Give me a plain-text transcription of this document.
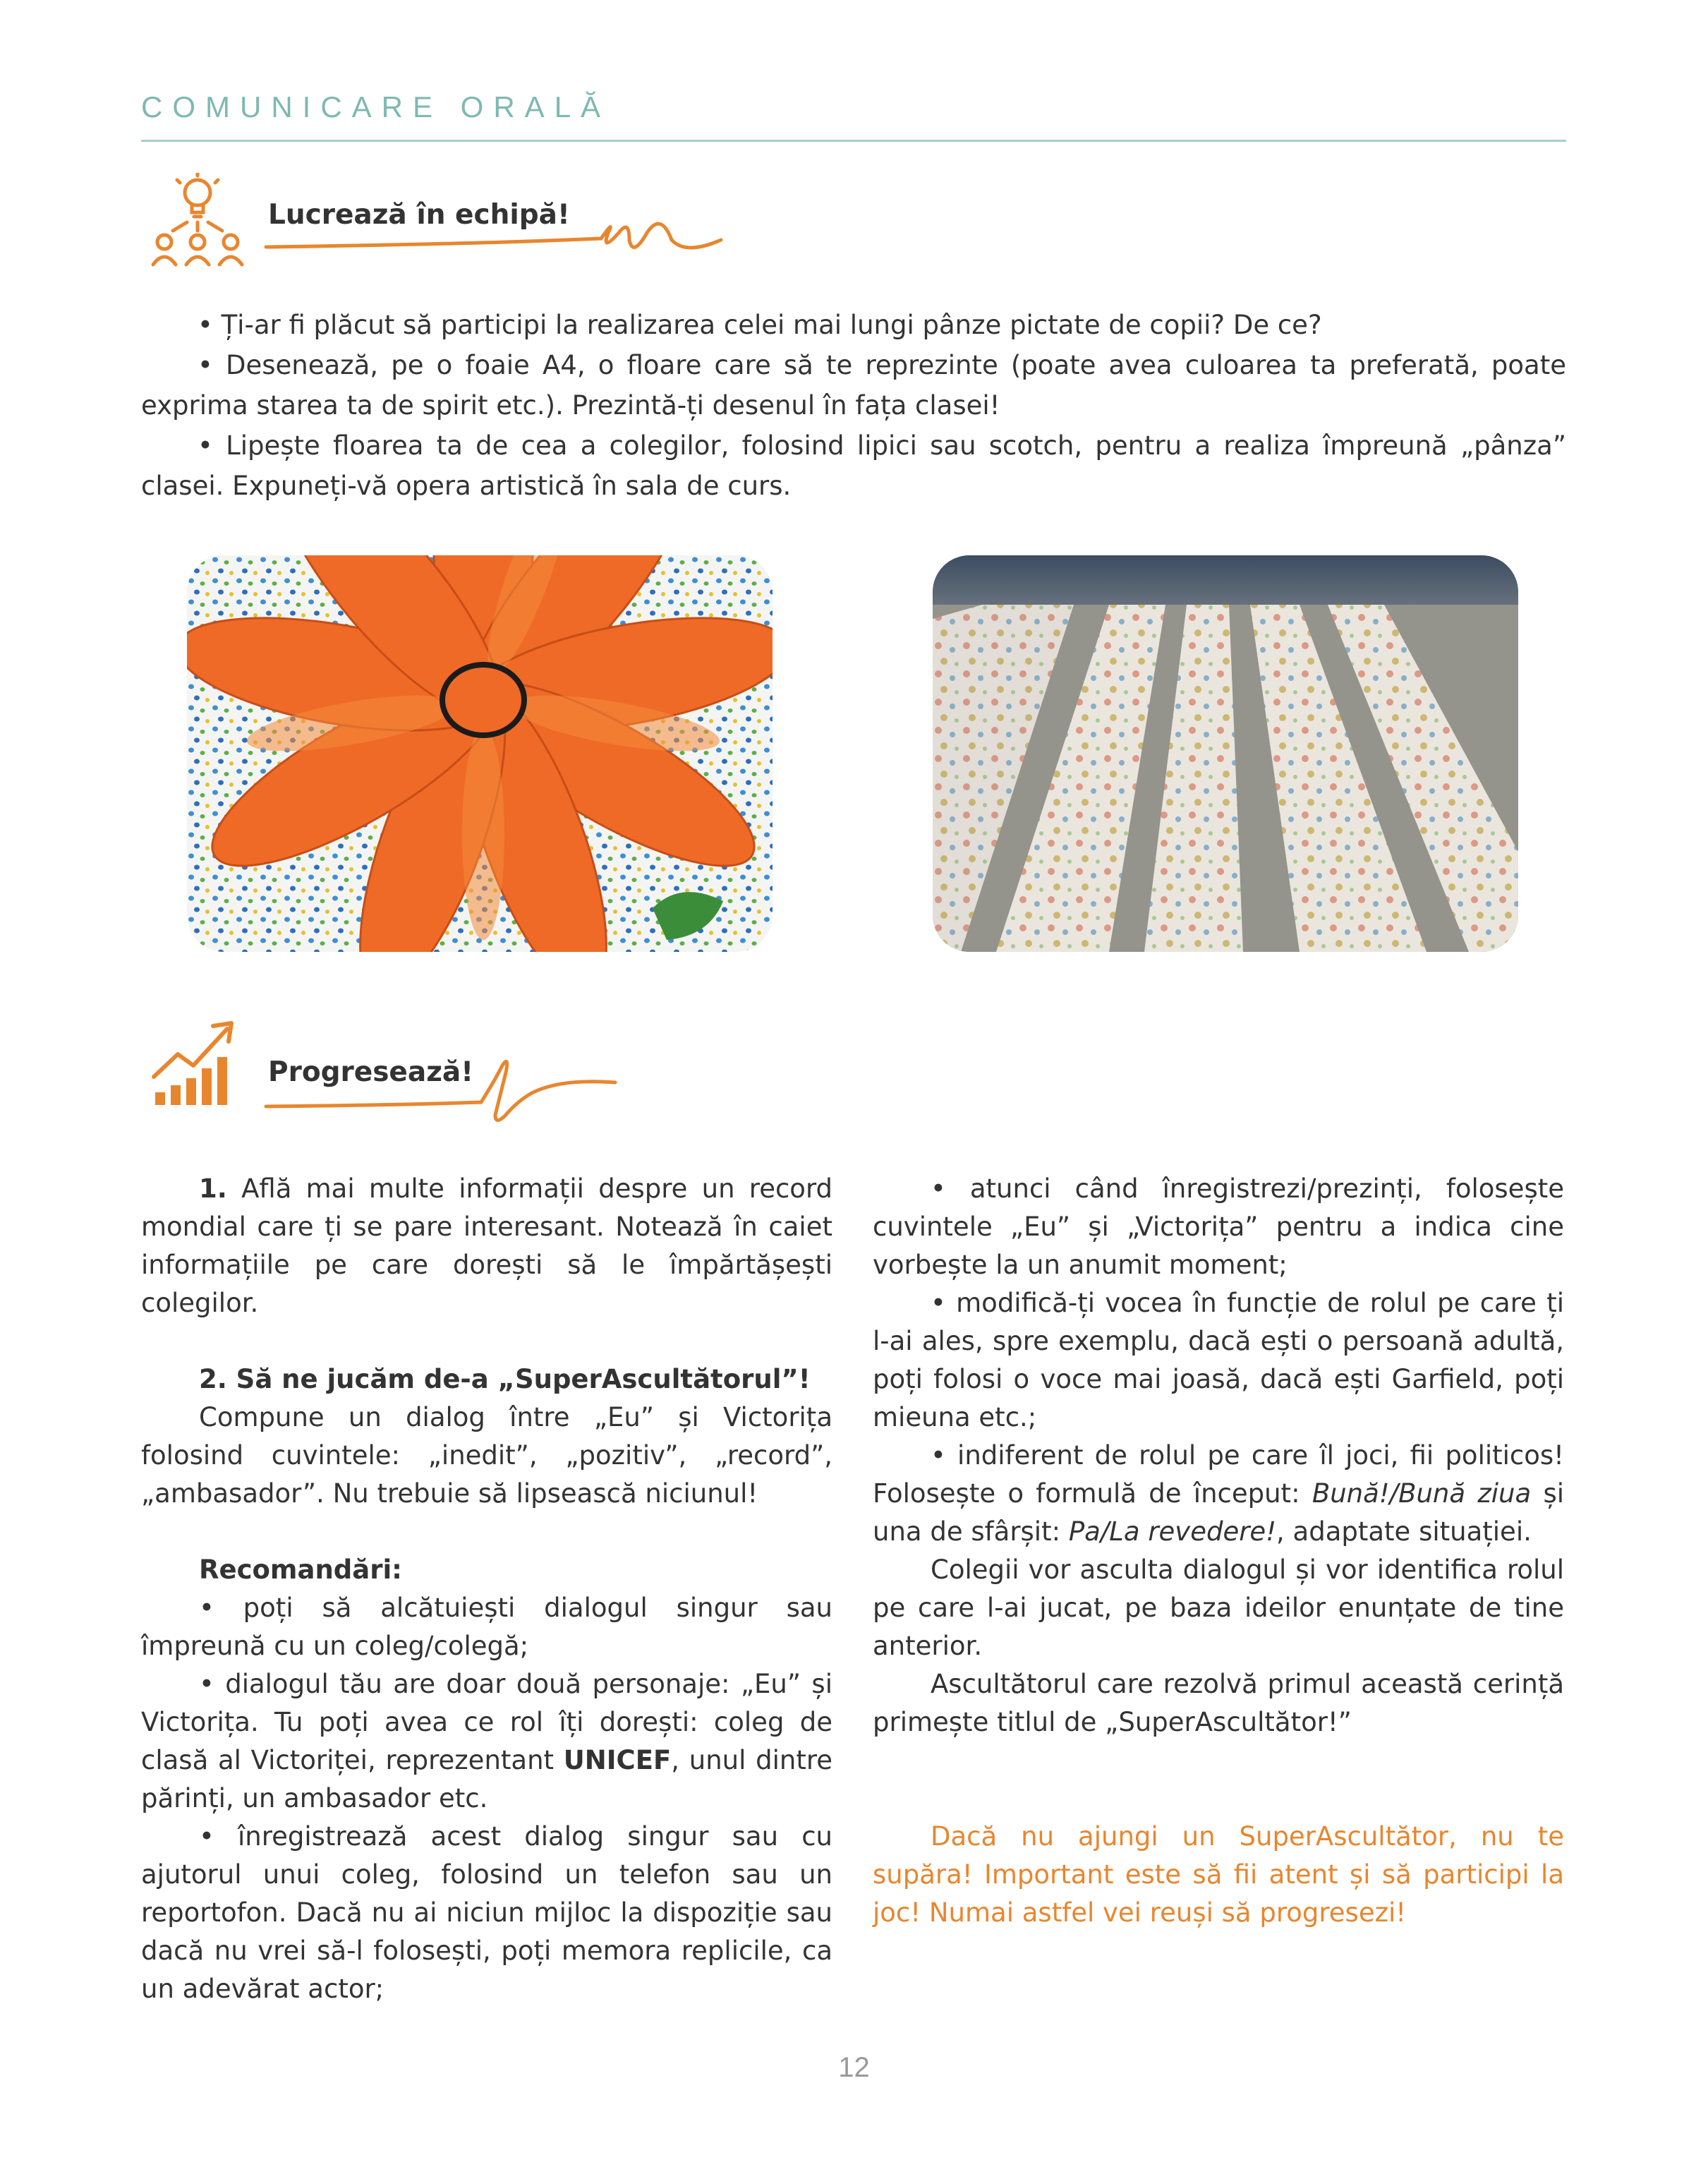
COMUNICARE ORALĂ
Lucrează în echipă!

• Ți-ar fi plăcut să participi la realizarea celei mai lungi pânze pictate de copii? De ce?

• Desenează, pe o foaie A4, o floare care să te reprezinte (poate avea culoarea ta preferată, poate exprima starea ta de spirit etc.). Prezintă-ți desenul în fața clasei!

• Lipește floarea ta de cea a colegilor, folosind lipici sau scotch, pentru a realiza împreună „pânza” clasei. Expuneți-vă opera artistică în sala de curs.

Progresează!

1. Află mai multe informații despre un record mondial care ți se pare interesant. Notează în caiet informațiile pe care dorești să le împărtășești colegilor.

2. Să ne jucăm de-a „SuperAscultătorul”!

Compune un dialog între „Eu” și Victorița folosind cuvintele: „inedit”, „pozitiv”, „record”, „ambasador”. Nu trebuie să lipsească niciunul!

Recomandări:

• poți să alcătuiești dialogul singur sau împreună cu un coleg/colegă;

• dialogul tău are doar două personaje: „Eu” și Victorița. Tu poți avea ce rol îți dorești: coleg de clasă al Victoriței, reprezentant UNICEF, unul dintre părinți, un ambasador etc.

• înregistrează acest dialog singur sau cu ajutorul unui coleg, folosind un telefon sau un reportofon. Dacă nu ai niciun mijloc la dispoziție sau dacă nu vrei să-l folosești, poți memora replicile, ca un adevărat actor;

• atunci când înregistrezi/prezinți, folosește cuvintele „Eu” și „Victorița” pentru a indica cine vorbește la un anumit moment;

• modifică-ți vocea în funcție de rolul pe care ți l-ai ales, spre exemplu, dacă ești o persoană adultă, poți folosi o voce mai joasă, dacă ești Garfield, poți mieuna etc.;

• indiferent de rolul pe care îl joci, fii politicos! Folosește o formulă de început: Bună!/Bună ziua și una de sfârșit: Pa/La revedere!, adaptate situației.

Colegii vor asculta dialogul și vor identifica rolul pe care l-ai jucat, pe baza ideilor enunțate de tine anterior.

Ascultătorul care rezolvă primul această cerință primește titlul de „SuperAscultător!”

Dacă nu ajungi un SuperAscultător, nu te supăra! Important este să fii atent și să participi la joc! Numai astfel vei reuși să progresezi!

12
